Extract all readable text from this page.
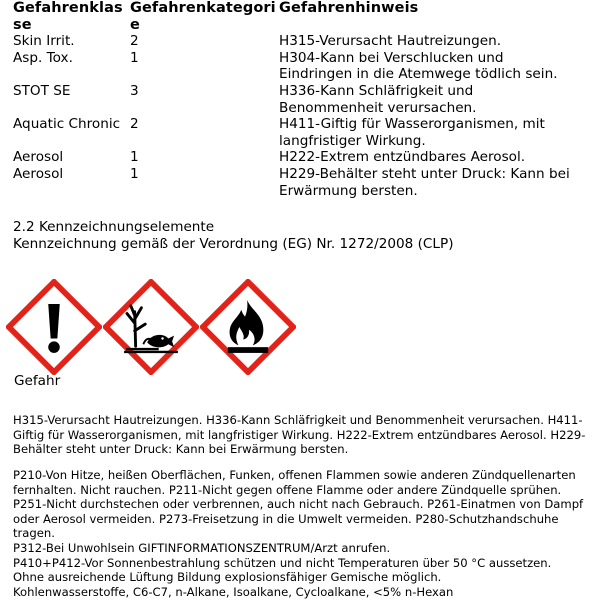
Gefahrenklasse	Gefahrenkategorie	Gefahrenhinweis
Skin Irrit.	2	H315-Verursacht Hautreizungen.
Asp. Tox.	1	H304-Kann bei Verschlucken und Eindringen in die Atemwege tödlich sein.
STOT SE	3	H336-Kann Schläfrigkeit und Benommenheit verursachen.
Aquatic Chronic	2	H411-Giftig für Wasserorganismen, mit langfristiger Wirkung.
Aerosol	1	H222-Extrem entzündbares Aerosol.
Aerosol	1	H229-Behälter steht unter Druck: Kann bei Erwärmung bersten.
2.2 Kennzeichnungselemente
Kennzeichnung gemäß der Verordnung (EG) Nr. 1272/2008 (CLP)
Gefahr

H315-Verursacht Hautreizungen. H336-Kann Schläfrigkeit und Benommenheit verursachen. H411-Giftig für Wasserorganismen, mit langfristiger Wirkung. H222-Extrem entzündbares Aerosol. H229-Behälter steht unter Druck: Kann bei Erwärmung bersten.

P210-Von Hitze, heißen Oberflächen, Funken, offenen Flammen sowie anderen Zündquellenarten fernhalten. Nicht rauchen. P211-Nicht gegen offene Flamme oder andere Zündquelle sprühen. P251-Nicht durchstechen oder verbrennen, auch nicht nach Gebrauch. P261-Einatmen von Dampf oder Aerosol vermeiden. P273-Freisetzung in die Umwelt vermeiden. P280-Schutzhandschuhe tragen.

P312-Bei Unwohlsein GIFTINFORMATIONSZENTRUM/Arzt anrufen.

P410+P412-Vor Sonnenbestrahlung schützen und nicht Temperaturen über 50 °C aussetzen.

Ohne ausreichende Lüftung Bildung explosionsfähiger Gemische möglich.

Kohlenwasserstoffe, C6-C7, n-Alkane, Isoalkane, Cycloalkane, <5% n-Hexan
